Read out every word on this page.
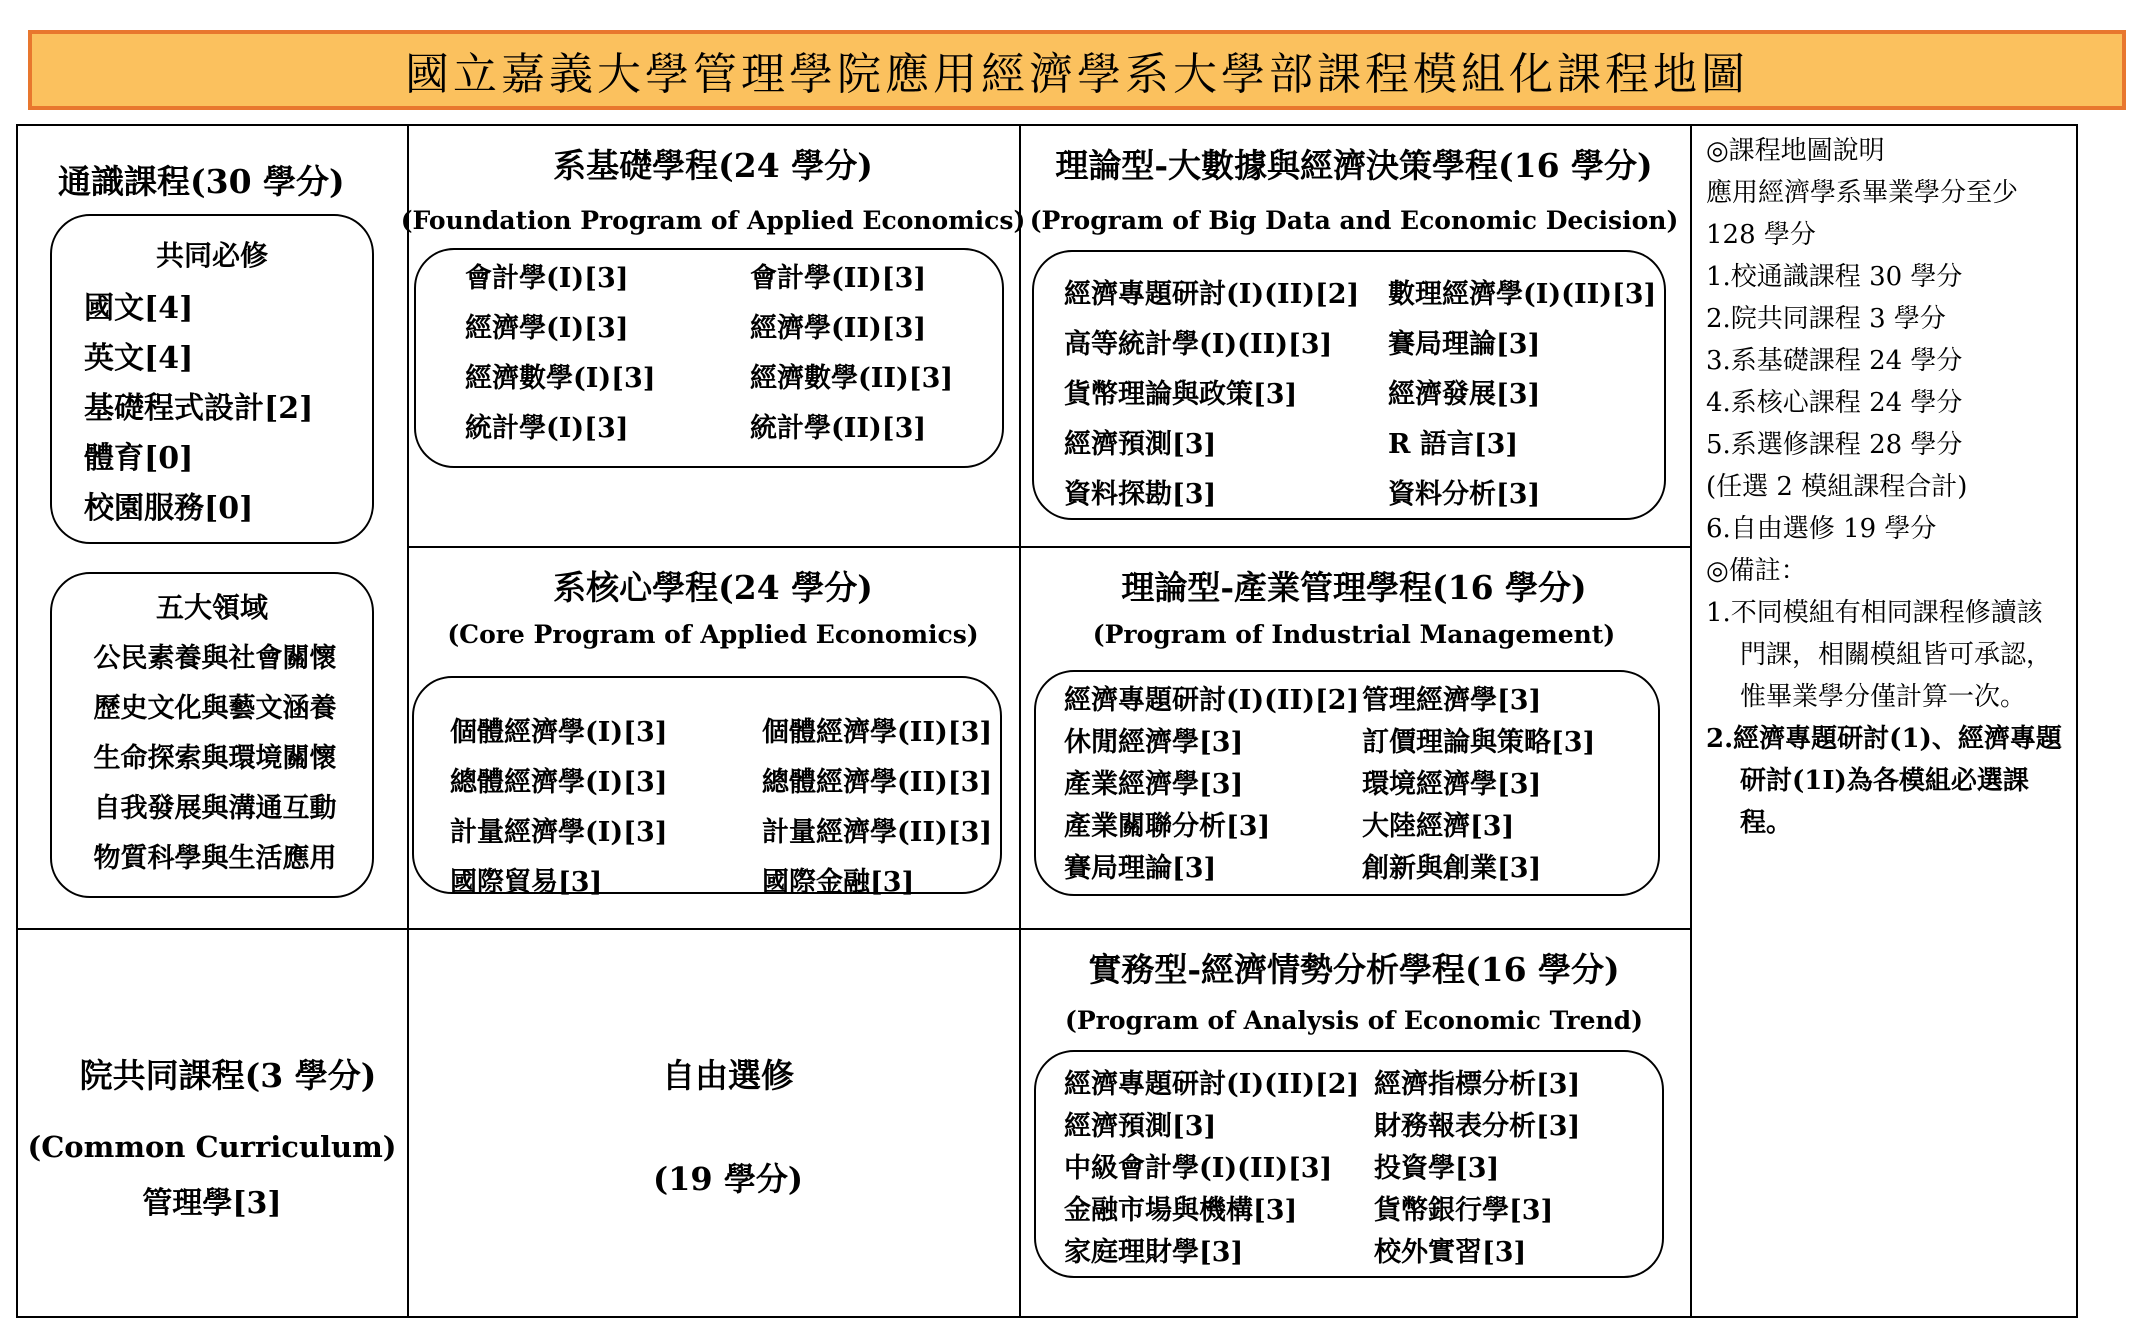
國立嘉義大學管理學院應用經濟學系大學部課程模組化課程地圖
通識課程(30 學分)
共同必修
國文[4]
英文[4]
基礎程式設計[2]
體育[0]
校園服務[0]
五大領域
公民素養與社會關懷
歷史文化與藝文涵養
生命探索與環境關懷
自我發展與溝通互動
物質科學與生活應用
系基礎學程(24 學分)
(Foundation Program of Applied Economics)
會計學(I)[3]
經濟學(I)[3]
經濟數學(I)[3]
統計學(I)[3]
會計學(II)[3]
經濟學(II)[3]
經濟數學(II)[3]
統計學(II)[3]
系核心學程(24 學分)
(Core Program of Applied Economics)
個體經濟學(I)[3]
總體經濟學(I)[3]
計量經濟學(I)[3]
國際貿易[3]
個體經濟學(II)[3]
總體經濟學(II)[3]
計量經濟學(II)[3]
國際金融[3]
理論型-大數據與經濟決策學程(16 學分)
(Program of Big Data and Economic Decision)
經濟專題研討(I)(II)[2]
高等統計學(I)(II)[3]
貨幣理論與政策[3]
經濟預測[3]
資料探勘[3]
數理經濟學(I)(II)[3]
賽局理論[3]
經濟發展[3]
R 語言[3]
資料分析[3]
理論型-產業管理學程(16 學分)
(Program of Industrial Management)
經濟專題研討(I)(II)[2]
休閒經濟學[3]
產業經濟學[3]
產業關聯分析[3]
賽局理論[3]
管理經濟學[3]
訂價理論與策略[3]
環境經濟學[3]
大陸經濟[3]
創新與創業[3]
實務型-經濟情勢分析學程(16 學分)
(Program of Analysis of Economic Trend)
經濟專題研討(I)(II)[2]
經濟預測[3]
中級會計學(I)(II)[3]
金融市場與機構[3]
家庭理財學[3]
經濟指標分析[3]
財務報表分析[3]
投資學[3]
貨幣銀行學[3]
校外實習[3]
院共同課程(3 學分)
(Common Curriculum)
管理學[3]
自由選修
(19 學分)
◎課程地圖說明
應用經濟學系畢業學分至少
128 學分
1.校通識課程 30 學分
2.院共同課程 3 學分
3.系基礎課程 24 學分
4.系核心課程 24 學分
5.系選修課程 28 學分
(任選 2 模組課程合計)
6.自由選修 19 學分
◎備註：
1.不同模組有相同課程修讀該
門課，相關模組皆可承認，
惟畢業學分僅計算一次。
2.經濟專題研討(1)、經濟專題
研討(1I)為各模組必選課
程。
